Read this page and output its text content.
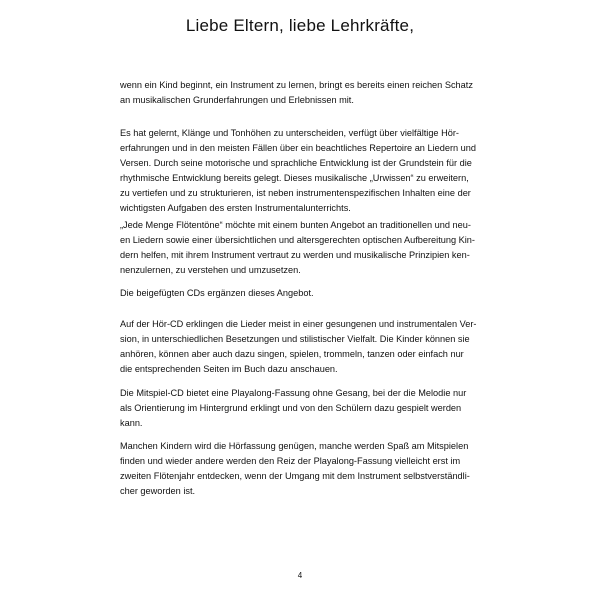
Liebe Eltern, liebe Lehrkräfte,

wenn ein Kind beginnt, ein Instrument zu lernen, bringt es bereits einen reichen Schatz
an musikalischen Grunderfahrungen und Erlebnissen mit.

Es hat gelernt, Klänge und Tonhöhen zu unterscheiden, verfügt über vielfältige Hör-
erfahrungen und in den meisten Fällen über ein beachtliches Repertoire an Liedern und
Versen. Durch seine motorische und sprachliche Entwicklung ist der Grundstein für die
rhythmische Entwicklung bereits gelegt. Dieses musikalische „Urwissen“ zu erweitern,
zu vertiefen und zu strukturieren, ist neben instrumentenspezifischen Inhalten eine der
wichtigsten Aufgaben des ersten Instrumentalunterrichts.

„Jede Menge Flötentöne“ möchte mit einem bunten Angebot an traditionellen und neu-
en Liedern sowie einer übersichtlichen und altersgerechten optischen Aufbereitung Kin-
dern helfen, mit ihrem Instrument vertraut zu werden und musikalische Prinzipien ken-
nenzulernen, zu verstehen und umzusetzen.

Die beigefügten CDs ergänzen dieses Angebot.

Auf der Hör-CD erklingen die Lieder meist in einer gesungenen und instrumentalen Ver-
sion, in unterschiedlichen Besetzungen und stilistischer Vielfalt. Die Kinder können sie
anhören, können aber auch dazu singen, spielen, trommeln, tanzen oder einfach nur
die entsprechenden Seiten im Buch dazu anschauen.

Die Mitspiel-CD bietet eine Playalong-Fassung ohne Gesang, bei der die Melodie nur
als Orientierung im Hintergrund erklingt und von den Schülern dazu gespielt werden
kann.

Manchen Kindern wird die Hörfassung genügen, manche werden Spaß am Mitspielen
finden und wieder andere werden den Reiz der Playalong-Fassung vielleicht erst im
zweiten Flötenjahr entdecken, wenn der Umgang mit dem Instrument selbstverständli-
cher geworden ist.

4
